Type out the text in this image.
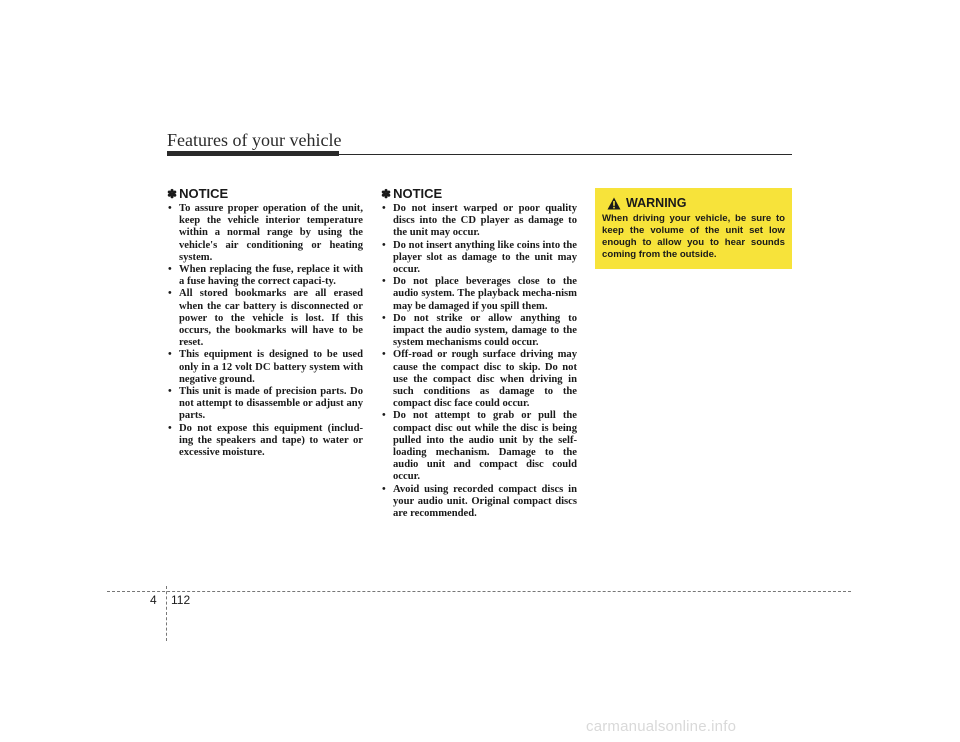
Features of your vehicle
✽ NOTICE
• To assure proper operation of the unit, keep the vehicle interior temperature within a normal range by using the vehicle's air conditioning or heating system.
• When replacing the fuse, replace it with a fuse having the correct capaci-ty.
• All stored bookmarks are all erased when the car battery is disconnected or power to the vehicle is lost. If this occurs, the bookmarks will have to be reset.
• This equipment is designed to be used only in a 12 volt DC battery system with negative ground.
• This unit is made of precision parts. Do not attempt to disassemble or adjust any parts.
• Do not expose this equipment (includ-ing the speakers and tape) to water or excessive moisture.
✽ NOTICE
• Do not insert warped or poor quality discs into the CD player as damage to the unit may occur.
• Do not insert anything like coins into the player slot as damage to the unit may occur.
• Do not place beverages close to the audio system. The playback mecha-nism may be damaged if you spill them.
• Do not strike or allow anything to impact the audio system, damage to the system mechanisms could occur.
• Off-road or rough surface driving may cause the compact disc to skip. Do not use the compact disc when driving in such conditions as damage to the compact disc face could occur.
• Do not attempt to grab or pull the compact disc out while the disc is being pulled into the audio unit by the self-loading mechanism. Damage to the audio unit and compact disc could occur.
• Avoid using recorded compact discs in your audio unit. Original compact discs are recommended.
WARNING
When driving your vehicle, be sure to keep the volume of the unit set low enough to allow you to hear sounds coming from the outside.
4 112
carmanualsonline.info
